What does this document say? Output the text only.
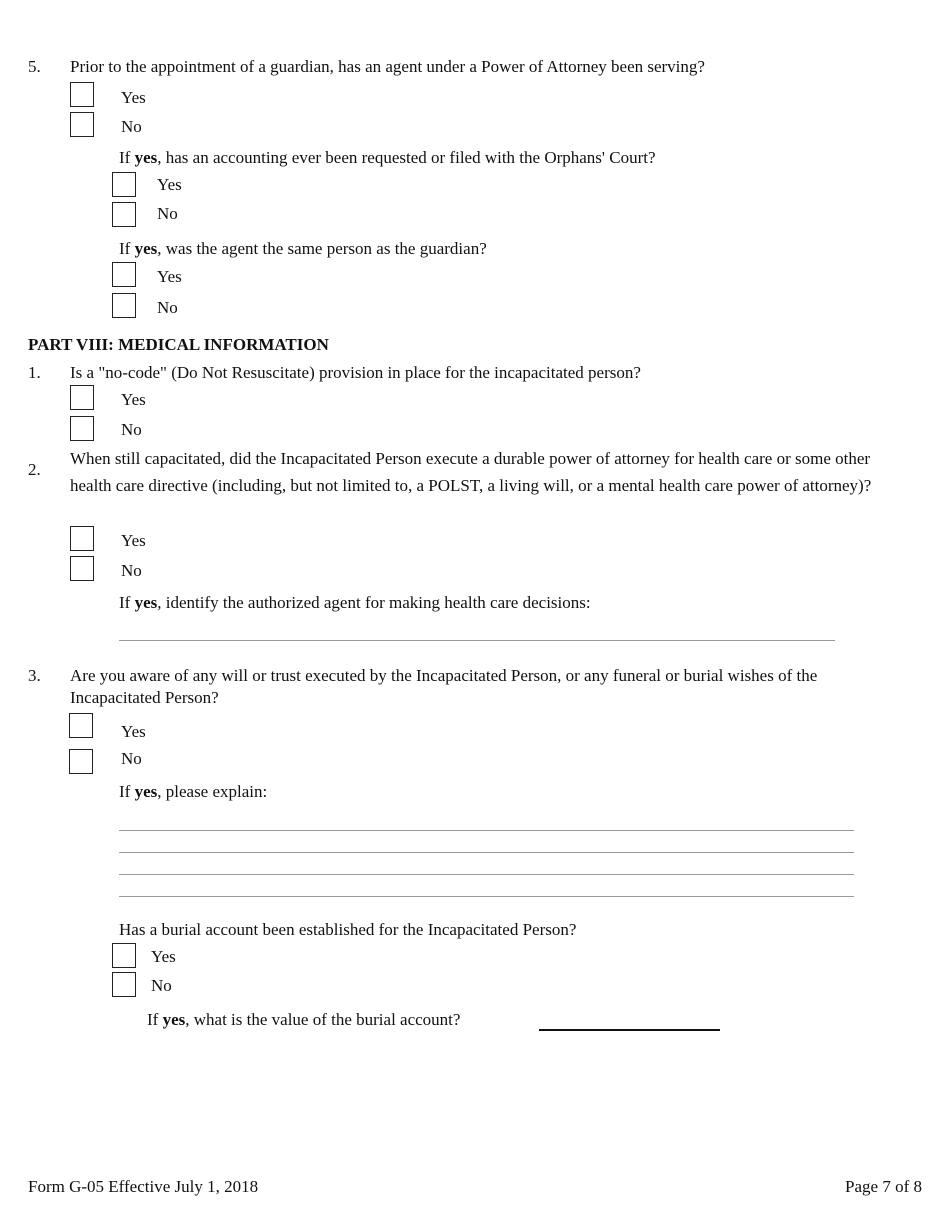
5. Prior to the appointment of a guardian, has an agent under a Power of Attorney been serving?
Yes
No
If yes, has an accounting ever been requested or filed with the Orphans' Court?
Yes
No
If yes, was the agent the same person as the guardian?
Yes
No
PART VIII: MEDICAL INFORMATION
1. Is a "no-code" (Do Not Resuscitate) provision in place for the incapacitated person?
Yes
No
2.
When still capacitated, did the Incapacitated Person execute a durable power of attorney for health care or some other health care directive (including, but not limited to, a POLST, a living will, or a mental health care power of attorney)?
Yes
No
If yes, identify the authorized agent for making health care decisions:
3. Are you aware of any will or trust executed by the Incapacitated Person, or any funeral or burial wishes of the Incapacitated Person?
Yes
No
If yes, please explain:
Has a burial account been established for the Incapacitated Person?
Yes
No
If yes, what is the value of the burial account?
Form G-05 Effective July 1, 2018	Page 7 of 8
